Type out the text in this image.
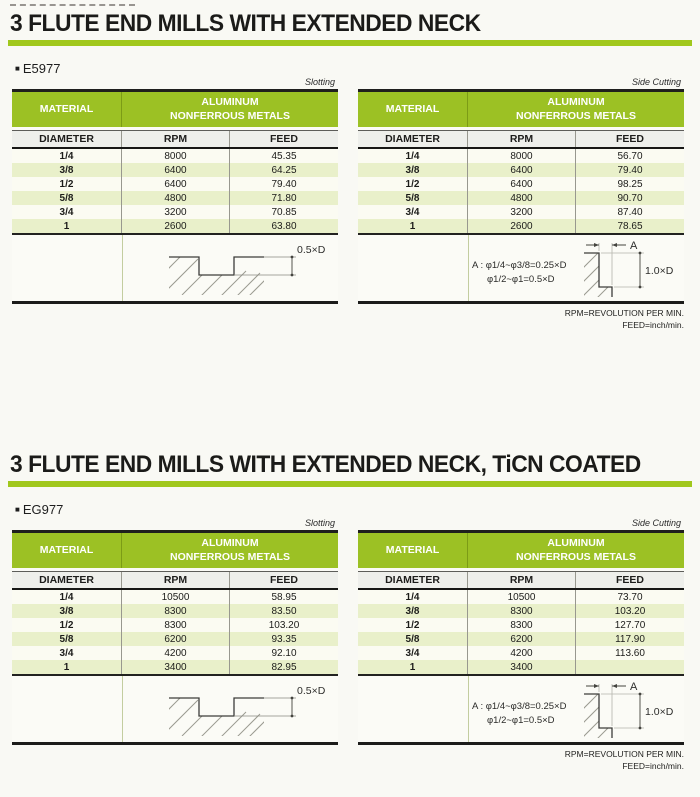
3 FLUTE END MILLS WITH EXTENDED NECK
■ E5977
Slotting
MATERIAL
ALUMINUM
NONFERROUS METALS
DIAMETER	RPM	FEED
1/4	8000	45.35
3/8	6400	64.25
1/2	6400	79.40
5/8	4800	71.80
3/4	3200	70.85
1	2600	63.80
0.5×D
Side Cutting
MATERIAL
ALUMINUM
NONFERROUS METALS
DIAMETER	RPM	FEED
1/4	8000	56.70
3/8	6400	79.40
1/2	6400	98.25
5/8	4800	90.70
3/4	3200	87.40
1	2600	78.65
A : φ1/4~φ3/8=0.25×D
φ1/2~φ1=0.5×D
A
1.0×D
RPM=REVOLUTION PER MIN.
FEED=inch/min.
3 FLUTE END MILLS WITH EXTENDED NECK, TiCN COATED
■ EG977
Slotting
MATERIAL
ALUMINUM
NONFERROUS METALS
DIAMETER	RPM	FEED
1/4	10500	58.95
3/8	8300	83.50
1/2	8300	103.20
5/8	6200	93.35
3/4	4200	92.10
1	3400	82.95
0.5×D
Side Cutting
MATERIAL
ALUMINUM
NONFERROUS METALS
DIAMETER	RPM	FEED
1/4	10500	73.70
3/8	8300	103.20
1/2	8300	127.70
5/8	6200	117.90
3/4	4200	113.60
1	3400
A : φ1/4~φ3/8=0.25×D
φ1/2~φ1=0.5×D
A
1.0×D
RPM=REVOLUTION PER MIN.
FEED=inch/min.
